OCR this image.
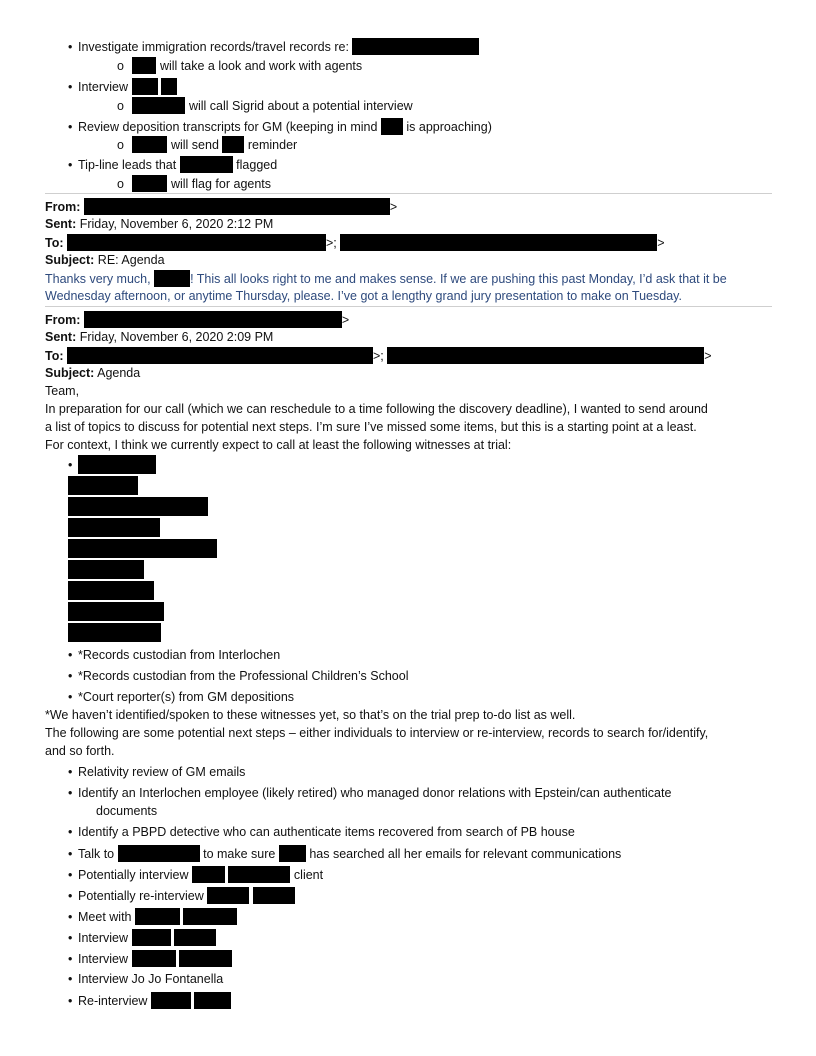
• Investigate immigration records/travel records re:
o	will take a look and work with agents
• Interview
o	will call Sigrid about a potential interview
• Review deposition transcripts for GM (keeping in mind is approaching)
o	will send reminder
• Tip-line leads that	flagged
o	will flag for agents
From:	>
Sent: Friday, November 6, 2020 2:12 PM
To:	>;	>
Subject: RE: Agenda
Thanks very much,	! This all looks right to me and makes sense. If we are pushing this past Monday, I’d ask that it be
Wednesday afternoon, or anytime Thursday, please. I’ve got a lengthy grand jury presentation to make on Tuesday.
From:	>
Sent: Friday, November 6, 2020 2:09 PM
To:	>;	>
Subject: Agenda
Team,
In preparation for our call (which we can reschedule to a time following the discovery deadline), I wanted to send around
a list of topics to discuss for potential next steps. I’m sure I’ve missed some items, but this is a starting point at a least.
For context, I think we currently expect to call at least the following witnesses at trial:
•
• *Records custodian from Interlochen
• *Records custodian from the Professional Children’s School
• *Court reporter(s) from GM depositions
*We haven’t identified/spoken to these witnesses yet, so that’s on the trial prep to-do list as well.
The following are some potential next steps – either individuals to interview or re-interview, records to search for/identify,
and so forth.
• Relativity review of GM emails
• Identify an Interlochen employee (likely retired) who managed donor relations with Epstein/can authenticate
documents
• Identify a PBPD detective who can authenticate items recovered from search of PB house
• Talk to	to make sure	has searched all her emails for relevant communications
• Potentially interview	client
• Potentially re-interview
• Meet with
• Interview
• Interview
• Interview Jo Jo Fontanella
• Re-interview
